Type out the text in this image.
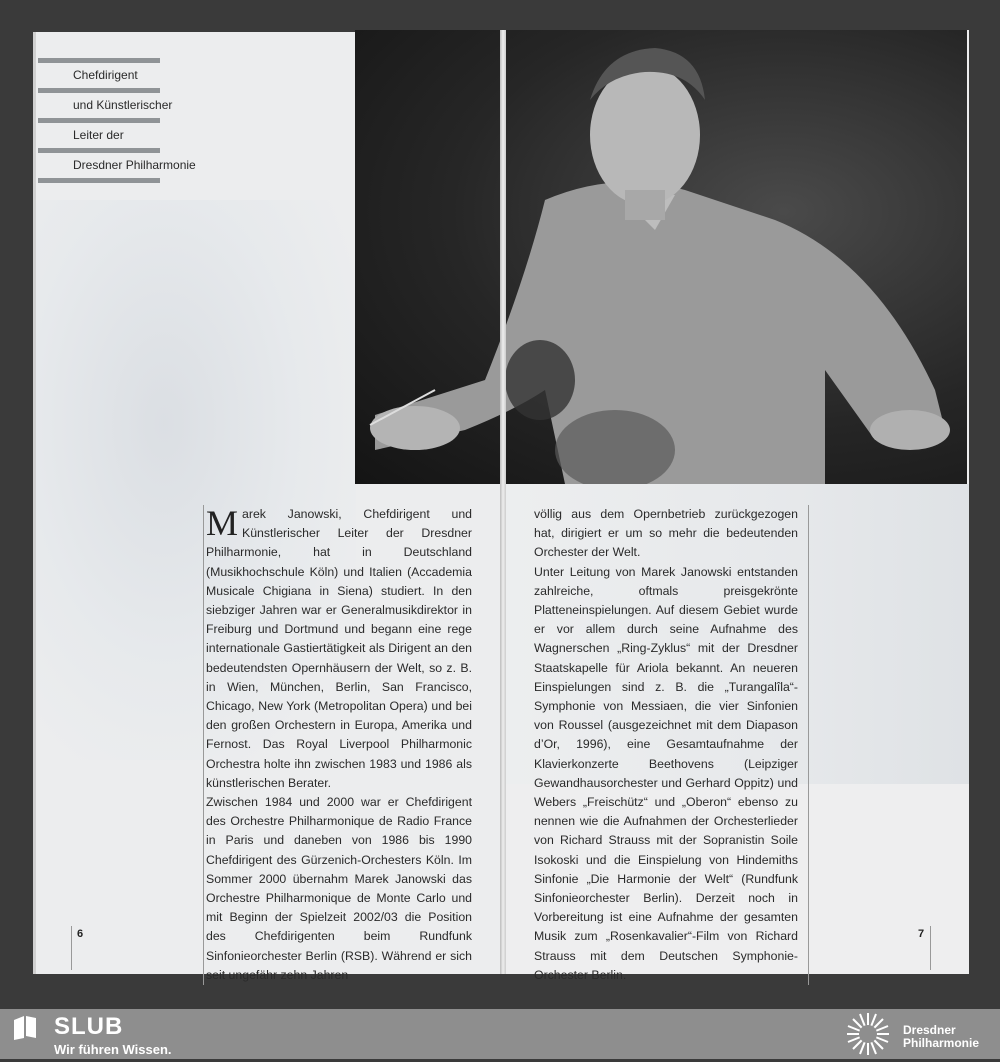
Chefdirigent
und Künstlerischer
Leiter der
Dresdner Philharmonie

Marek Janowski, Chefdirigent und Künstlerischer Leiter der Dresdner Philharmonie, hat in Deutschland (Musikhochschule Köln) und Italien (Accademia Musicale Chigiana in Siena) studiert. In den siebziger Jahren war er Generalmusikdirektor in Freiburg und Dortmund und begann eine rege internationale Gastiertätigkeit als Dirigent an den bedeutendsten Opernhäusern der Welt, so z. B. in Wien, München, Berlin, San Francisco, Chicago, New York (Metropolitan Opera) und bei den großen Orchestern in Europa, Amerika und Fernost. Das Royal Liverpool Philharmonic Orchestra holte ihn zwischen 1983 und 1986 als künstlerischen Berater.

Zwischen 1984 und 2000 war er Chefdirigent des Orchestre Philharmonique de Radio France in Paris und daneben von 1986 bis 1990 Chefdirigent des Gürzenich-Orchesters Köln. Im Sommer 2000 übernahm Marek Janowski das Orchestre Philharmonique de Monte Carlo und mit Beginn der Spielzeit 2002/03 die Position des Chefdirigenten beim Rundfunk Sinfonieorchester Berlin (RSB). Während er sich seit ungefähr zehn Jahren

völlig aus dem Opernbetrieb zurückgezogen hat, dirigiert er um so mehr die bedeutenden Orchester der Welt.

Unter Leitung von Marek Janowski entstanden zahlreiche, oftmals preisgekrönte Platteneinspielungen. Auf diesem Gebiet wurde er vor allem durch seine Aufnahme des Wagnerschen „Ring-Zyklus“ mit der Dresdner Staatskapelle für Ariola bekannt. An neueren Einspielungen sind z. B. die „Turangalîla“-Symphonie von Messiaen, die vier Sinfonien von Roussel (ausgezeichnet mit dem Diapason d’Or, 1996), eine Gesamtaufnahme der Klavierkonzerte Beethovens (Leipziger Gewandhausorchester und Gerhard Oppitz) und Webers „Freischütz“ und „Oberon“ ebenso zu nennen wie die Aufnahmen der Orchesterlieder von Richard Strauss mit der Sopranistin Soile Isokoski und die Einspielung von Hindemiths Sinfonie „Die Harmonie der Welt“ (Rundfunk Sinfonieorchester Berlin). Derzeit noch in Vorbereitung ist eine Aufnahme der gesamten Musik zum „Rosenkavalier“-Film von Richard Strauss mit dem Deutschen Symphonie-Orchester Berlin.

6	7
SLUB
Wir führen Wissen.
Dresdner
Philharmonie
